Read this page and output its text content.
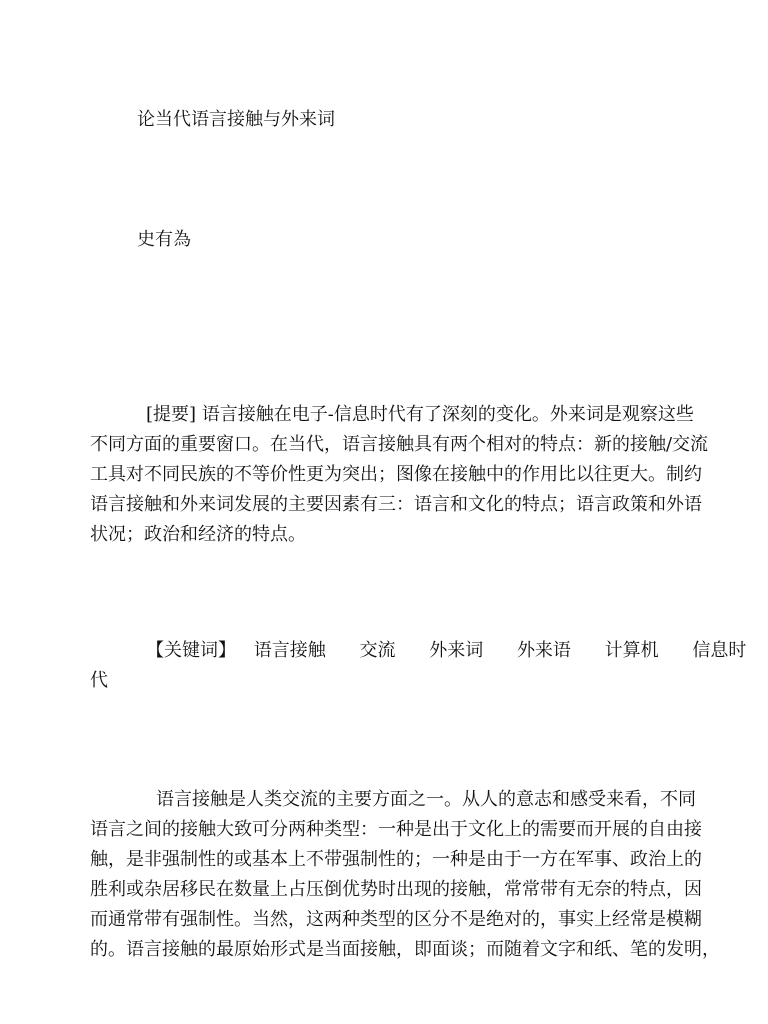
论当代语言接触与外来词
史有為
[提要] 语言接触在电子-信息时代有了深刻的变化。外来词是观察这些
不同方面的重要窗口。在当代，语言接触具有两个相对的特点：新的接触/交流
工具对不同民族的不等价性更为突出；图像在接触中的作用比以往更大。制约
语言接触和外来词发展的主要因素有三：语言和文化的特点；语言政策和外语
状况；政治和经济的特点。
【关键词】 语言接触 交流 外来词 外来语 计算机 信息时
代
语言接触是人类交流的主要方面之一。从人的意志和感受来看，不同
语言之间的接触大致可分两种类型：一种是出于文化上的需要而开展的自由接
触，是非强制性的或基本上不带强制性的；一种是由于一方在军事、政治上的
胜利或杂居移民在数量上占压倒优势时出现的接触，常常带有无奈的特点，因
而通常带有强制性。当然，这两种类型的区分不是绝对的，事实上经常是模糊
的。语言接触的最原始形式是当面接触，即面谈；而随着文字和纸、笔的发明，
